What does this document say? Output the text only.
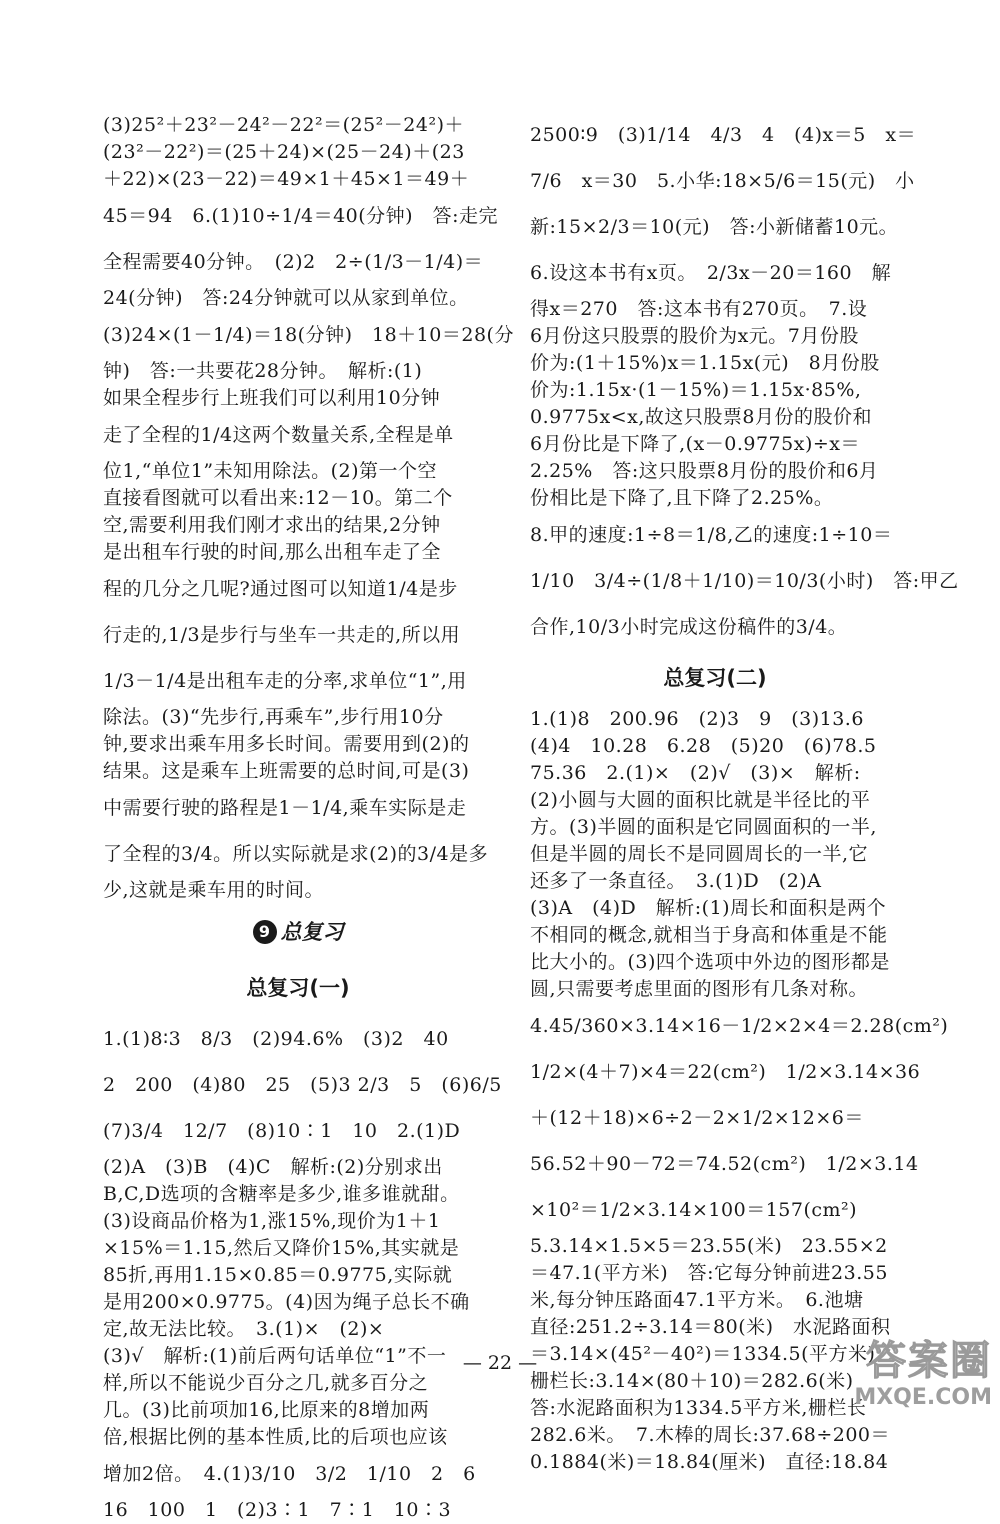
(3)25²＋23²－24²－22²＝(25²－24²)＋
(23²－22²)＝(25＋24)×(25－24)＋(23
＋22)×(23－22)＝49×1＋45×1＝49＋
45＝94　6.(1)10÷1/4＝40(分钟)　答:走完
全程需要40分钟。　(2)2　2÷(1/3－1/4)＝
24(分钟)　答:24分钟就可以从家到单位。
(3)24×(1－1/4)＝18(分钟)　18＋10＝28(分
钟)　答:一共要花28分钟。　解析:(1)
如果全程步行上班我们可以利用10分钟
走了全程的1/4这两个数量关系,全程是单
位1,“单位1”未知用除法。(2)第一个空
直接看图就可以看出来:12－10。第二个
空,需要利用我们刚才求出的结果,2分钟
是出租车行驶的时间,那么出租车走了全
程的几分之几呢?通过图可以知道1/4是步
行走的,1/3是步行与坐车一共走的,所以用
1/3－1/4是出租车走的分率,求单位“1”,用
除法。(3)“先步行,再乘车”,步行用10分
钟,要求出乘车用多长时间。需要用到(2)的
结果。这是乘车上班需要的总时间,可是(3)
中需要行驶的路程是1－1/4,乘车实际是走
了全程的3/4。所以实际就是求(2)的3/4是多
少,这就是乘车用的时间。
9 总复习
总复习(一)
1.(1)8∶3　8/3　(2)94.6%　(3)2　40
2　200　(4)80　25　(5)3 2/3　5　(6)6/5
(7)3/4　12/7　(8)10∶1　10　2.(1)D
(2)A　(3)B　(4)C　解析:(2)分别求出
B,C,D选项的含糖率是多少,谁多谁就甜。
(3)设商品价格为1,涨15%,现价为1＋1
×15%＝1.15,然后又降价15%,其实就是
85折,再用1.15×0.85＝0.9775,实际就
是用200×0.9775。(4)因为绳子总长不确
定,故无法比较。　3.(1)×　(2)×
(3)√　解析:(1)前后两句话单位“1”不一
样,所以不能说少百分之几,就多百分之
几。(3)比前项加16,比原来的8增加两
倍,根据比例的基本性质,比的后项也应该
增加2倍。　4.(1)3/10　3/2　1/10　2　6
16　100　1　(2)3∶1　7∶1　10∶3
2500∶9　(3)1/14　4/3　4　(4)x＝5　x＝
7/6　x＝30　5.小华:18×5/6＝15(元)　小
新:15×2/3＝10(元)　答:小新储蓄10元。
6.设这本书有x页。　2/3x－20＝160　解
得x＝270　答:这本书有270页。　7.设
6月份这只股票的股价为x元。7月份股
价为:(1＋15%)x＝1.15x(元)　8月份股
价为:1.15x·(1－15%)＝1.15x·85%,
0.9775x<x,故这只股票8月份的股价和
6月份比是下降了,(x－0.9775x)÷x＝
2.25%　答:这只股票8月份的股价和6月
份相比是下降了,且下降了2.25%。
8.甲的速度:1÷8＝1/8,乙的速度:1÷10＝
1/10　3/4÷(1/8＋1/10)＝10/3(小时)　答:甲乙
合作,10/3小时完成这份稿件的3/4。
总复习(二)
1.(1)8　200.96　(2)3　9　(3)13.6
(4)4　10.28　6.28　(5)20　(6)78.5
75.36　2.(1)×　(2)√　(3)×　解析:
(2)小圆与大圆的面积比就是半径比的平
方。(3)半圆的面积是它同圆面积的一半,
但是半圆的周长不是同圆周长的一半,它
还多了一条直径。　3.(1)D　(2)A
(3)A　(4)D　解析:(1)周长和面积是两个
不相同的概念,就相当于身高和体重是不能
比大小的。(3)四个选项中外边的图形都是
圆,只需要考虑里面的图形有几条对称。
4.45/360×3.14×16－1/2×2×4＝2.28(cm²)
1/2×(4＋7)×4＝22(cm²)　1/2×3.14×36
＋(12＋18)×6÷2－2×1/2×12×6＝
56.52＋90－72＝74.52(cm²)　1/2×3.14
×10²＝1/2×3.14×100＝157(cm²)
5.3.14×1.5×5＝23.55(米)　23.55×2
＝47.1(平方米)　答:它每分钟前进23.55
米,每分钟压路面47.1平方米。　6.池塘
直径:251.2÷3.14＝80(米)　水泥路面积
＝3.14×(45²－40²)＝1334.5(平方米)
栅栏长:3.14×(80＋10)＝282.6(米)
答:水泥路面积为1334.5平方米,栅栏长
282.6米。　7.木棒的周长:37.68÷200＝
0.1884(米)＝18.84(厘米)　直径:18.84
— 22 —	答案圈
MXQE.COM
